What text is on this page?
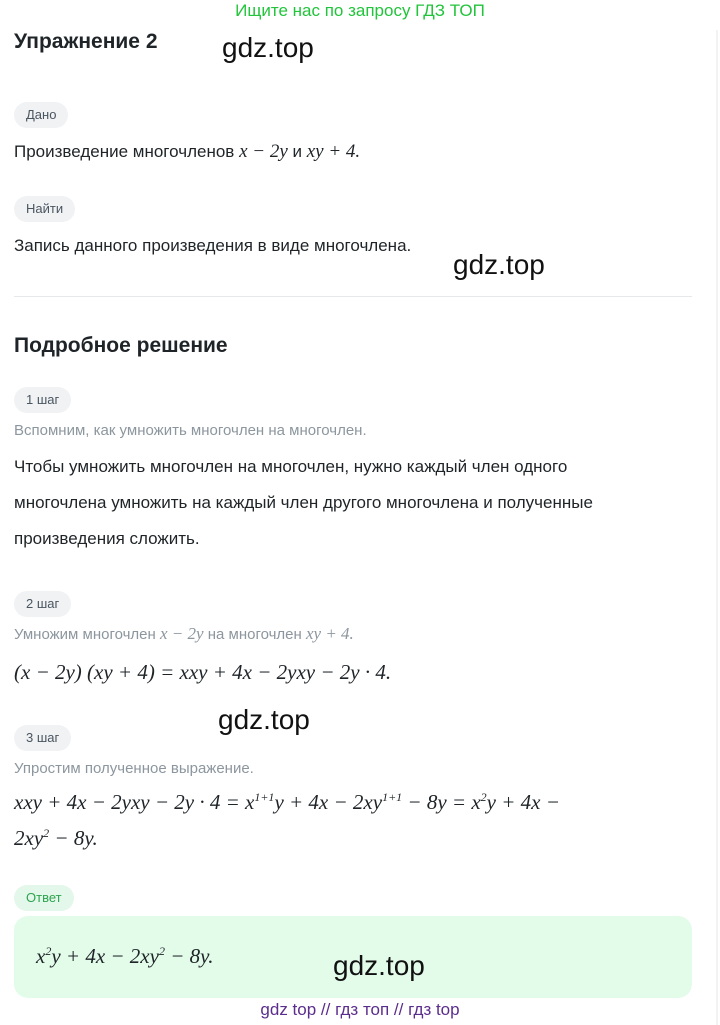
Ищите нас по запросу ГДЗ ТОП
Упражнение 2 gdz.top
Дано
Произведение многочленов x − 2y и xy + 4.
Найти
Запись данного произведения в виде многочлена.
gdz.top
Подробное решение
1 шаг
Вспомним, как умножить многочлен на многочлен.
Чтобы умножить многочлен на многочлен, нужно каждый член одного
многочлена умножить на каждый член другого многочлена и полученные
произведения сложить.
2 шаг
Умножим многочлен x − 2y на многочлен xy + 4.
(x − 2y) (xy + 4) = xxy + 4x − 2yxy − 2y · 4.
gdz.top
3 шаг
Упростим полученное выражение.
xxy + $4x - 2yxy - 2y \cdot 4 = x^{1+1}y + 4x - 2xy^{1+1} - 8y = x^2y + 4x$ −
$2xy^2 - 8y$.
Ответ
$x^2y + 4x - 2xy^2 - 8y$.	gdz.top
gdz top // гдз топ // гдз top
